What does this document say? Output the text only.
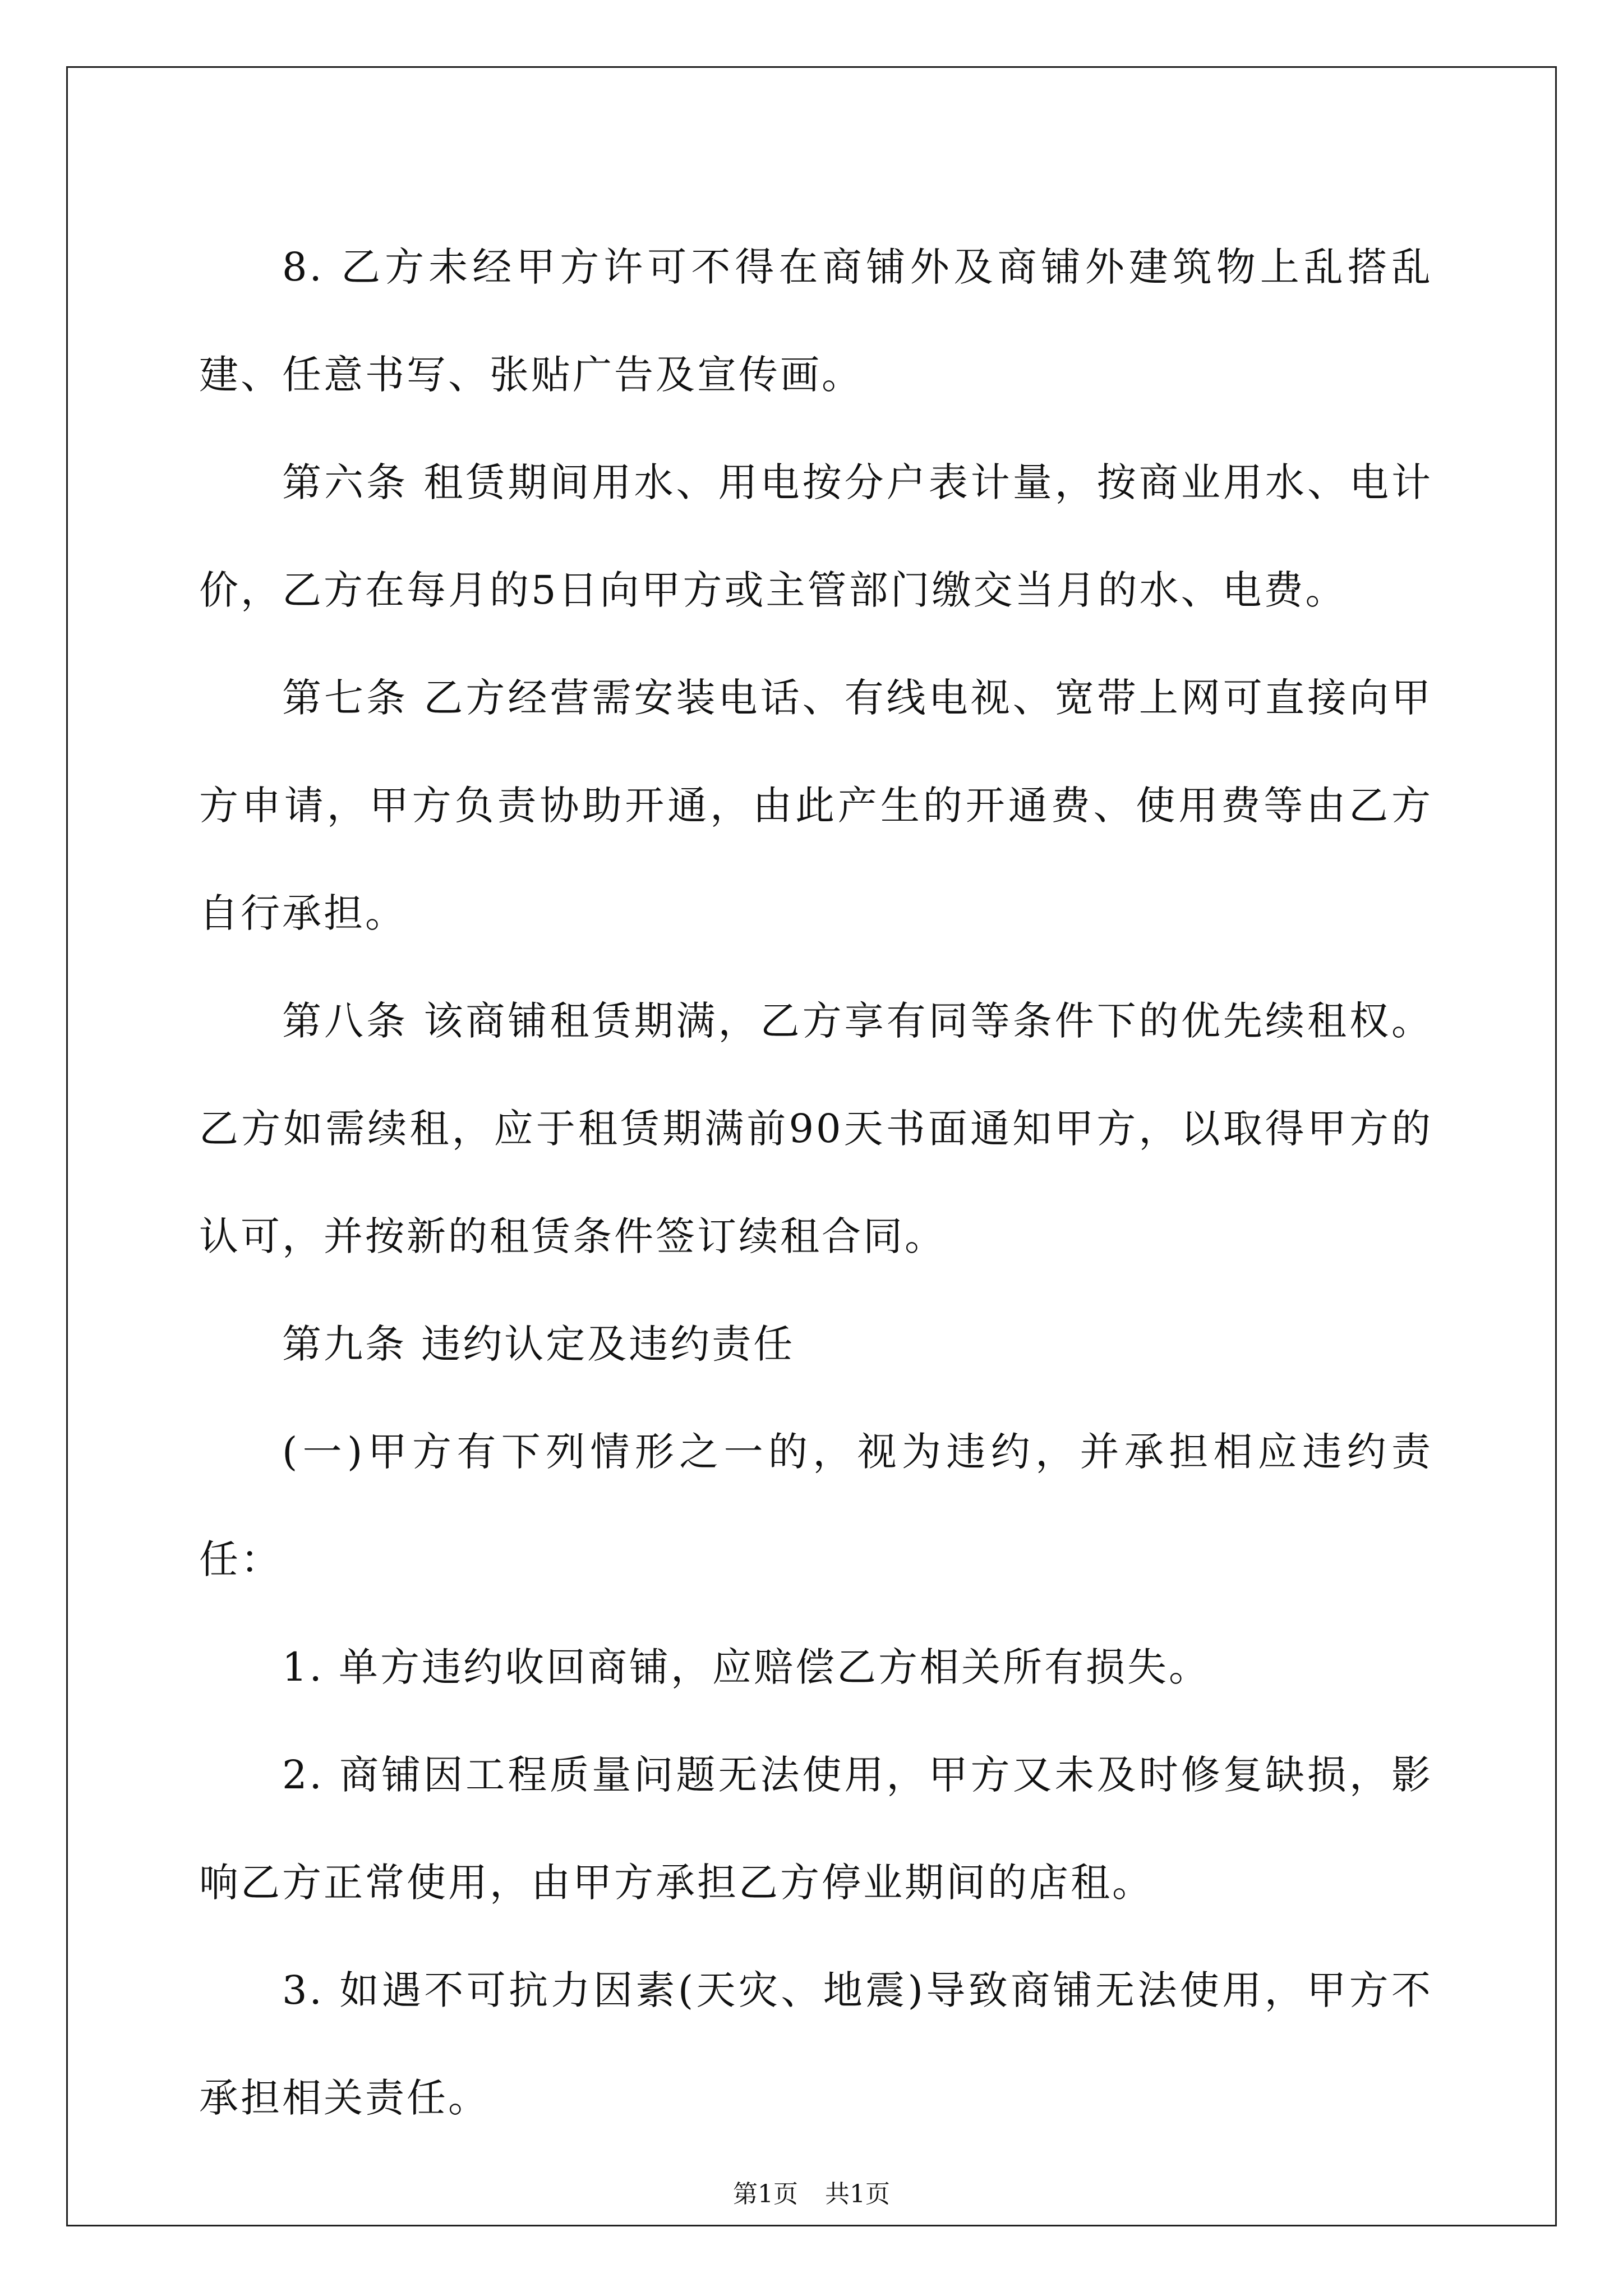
8. 乙方未经甲方许可不得在商铺外及商铺外建筑物上乱搭乱建、任意书写、张贴广告及宣传画。

第六条 租赁期间用水、用电按分户表计量，按商业用水、电计价，乙方在每月的5日向甲方或主管部门缴交当月的水、电费。

第七条 乙方经营需安装电话、有线电视、宽带上网可直接向甲方申请，甲方负责协助开通，由此产生的开通费、使用费等由乙方自行承担。

第八条 该商铺租赁期满，乙方享有同等条件下的优先续租权。乙方如需续租，应于租赁期满前90天书面通知甲方，以取得甲方的认可，并按新的租赁条件签订续租合同。

第九条 违约认定及违约责任

(一)甲方有下列情形之一的，视为违约，并承担相应违约责任：

1. 单方违约收回商铺，应赔偿乙方相关所有损失。

2. 商铺因工程质量问题无法使用，甲方又未及时修复缺损，影响乙方正常使用，由甲方承担乙方停业期间的店租。

3. 如遇不可抗力因素(天灾、地震)导致商铺无法使用，甲方不承担相关责任。

第1页 共1页
